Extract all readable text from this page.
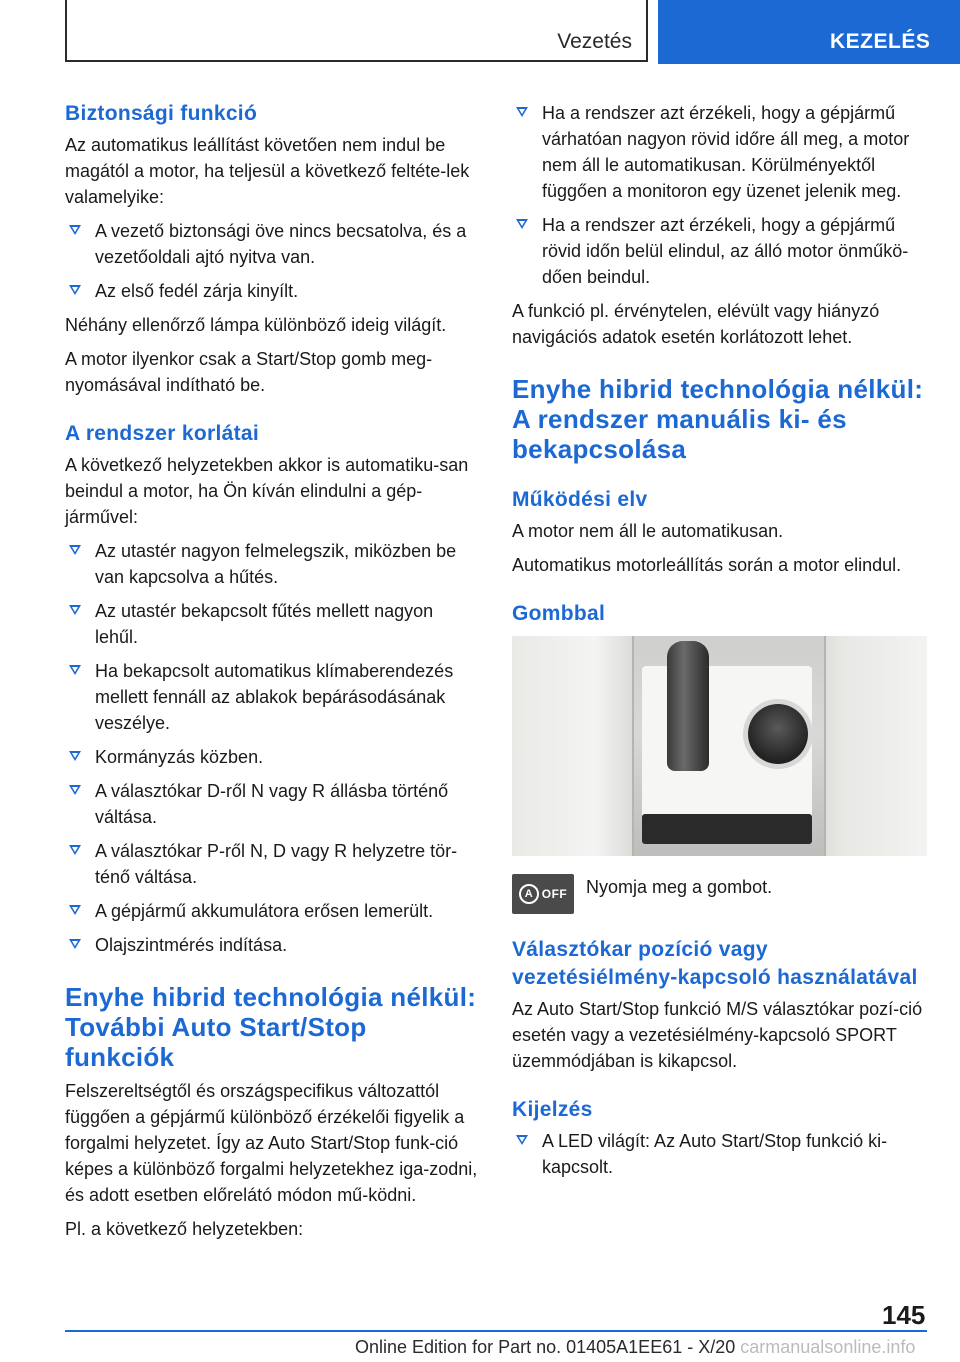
Vezetés	KEZELÉS
Biztonsági funkció

Az automatikus leállítást követően nem indul be magától a motor, ha teljesül a következő feltéte-lek valamelyike:

A vezető biztonsági öve nincs becsatolva, és a vezetőoldali ajtó nyitva van.
Az első fedél zárja kinyílt.

Néhány ellenőrző lámpa különböző ideig világít.

A motor ilyenkor csak a Start/Stop gomb meg-nyomásával indítható be.

A rendszer korlátai

A következő helyzetekben akkor is automatiku-san beindul a motor, ha Ön kíván elindulni a gép-járművel:

Az utastér nagyon felmelegszik, miközben be van kapcsolva a hűtés.
Az utastér bekapcsolt fűtés mellett nagyon lehűl.
Ha bekapcsolt automatikus klímaberendezés mellett fennáll az ablakok bepárásodásának veszélye.
Kormányzás közben.
A választókar D-ről N vagy R állásba történő váltása.
A választókar P-ről N, D vagy R helyzetre tör-ténő váltása.
A gépjármű akkumulátora erősen lemerült.
Olajszintmérés indítása.
Enyhe hibrid technológia nélkül: További Auto Start/Stop funkciók

Felszereltségtől és országspecifikus változattól függően a gépjármű különböző érzékelői figyelik a forgalmi helyzetet. Így az Auto Start/Stop funk-ció képes a különböző forgalmi helyzetekhez iga-zodni, és adott esetben előrelátó módon mű-ködni.

Pl. a következő helyzetekben:

Ha a rendszer azt érzékeli, hogy a gépjármű várhatóan nagyon rövid időre áll meg, a motor nem áll le automatikusan. Körülményektől függően a monitoron egy üzenet jelenik meg.
Ha a rendszer azt érzékeli, hogy a gépjármű rövid időn belül elindul, az álló motor önműkö-dően beindul.

A funkció pl. érvénytelen, elévült vagy hiányzó navigációs adatok esetén korlátozott lehet.

Enyhe hibrid technológia nélkül: A rendszer manuális ki- és bekapcsolása
Működési elv

A motor nem áll le automatikusan.

Automatikus motorleállítás során a motor elindul.

Gombbal
A OFF Nyomja meg a gombot.
Választókar pozíció vagy vezetésiélmény-kapcsoló használatával

Az Auto Start/Stop funkció M/S választókar pozí-ció esetén vagy a vezetésiélmény-kapcsoló SPORT üzemmódjában is kikapcsol.

Kijelzés
A LED világít: Az Auto Start/Stop funkció ki-kapcsolt.
145
Online Edition for Part no. 01405A1EE61 - X/20 carmanualsonline.info
